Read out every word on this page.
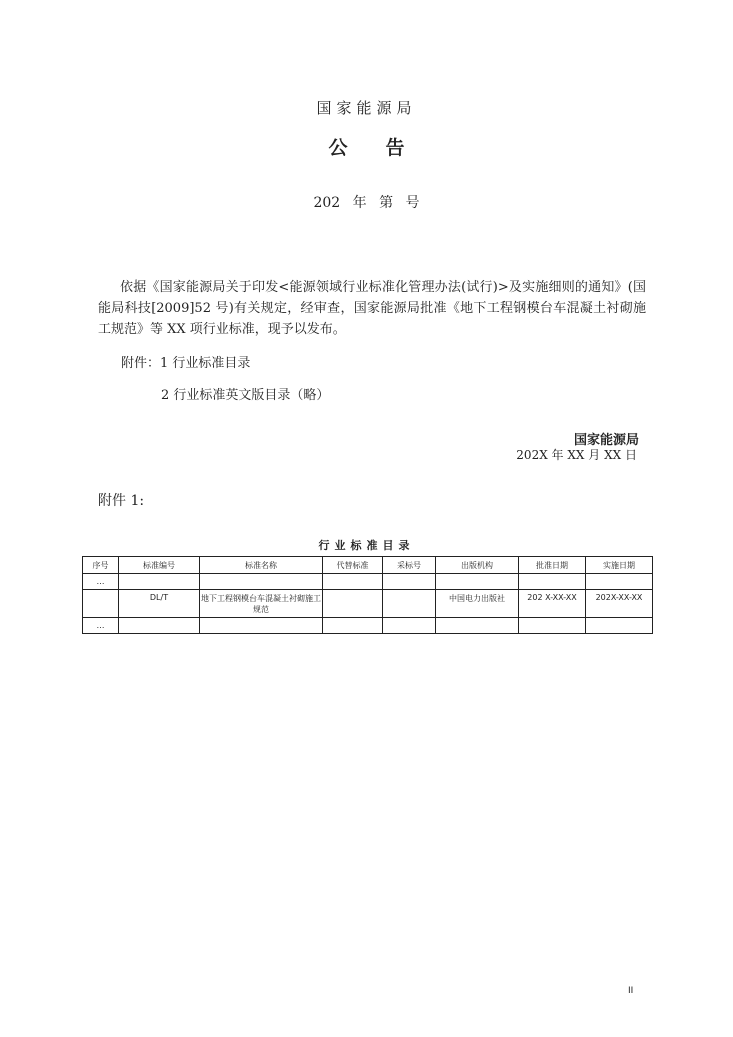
国家能源局
公告
202 年 第 号
依据《国家能源局关于印发<能源领域行业标准化管理办法(试行)>及实施细则的通知》(国能局科技[2009]52 号)有关规定，经审查，国家能源局批准《地下工程钢模台车混凝土衬砌施工规范》等 XX 项行业标准，现予以发布。
附件：1 行业标准目录
2 行业标准英文版目录（略）
国家能源局
202X 年 XX 月 XX 日
附件 1:
行业标准目录
序号	标准编号	标准名称	代替标准	采标号	出版机构	批准日期	实施日期
…							
	DL/T	地下工程钢模台车混凝土衬砌施工规范			中国电力出版社	202 X-XX-XX	202X-XX-XX
…							
II
